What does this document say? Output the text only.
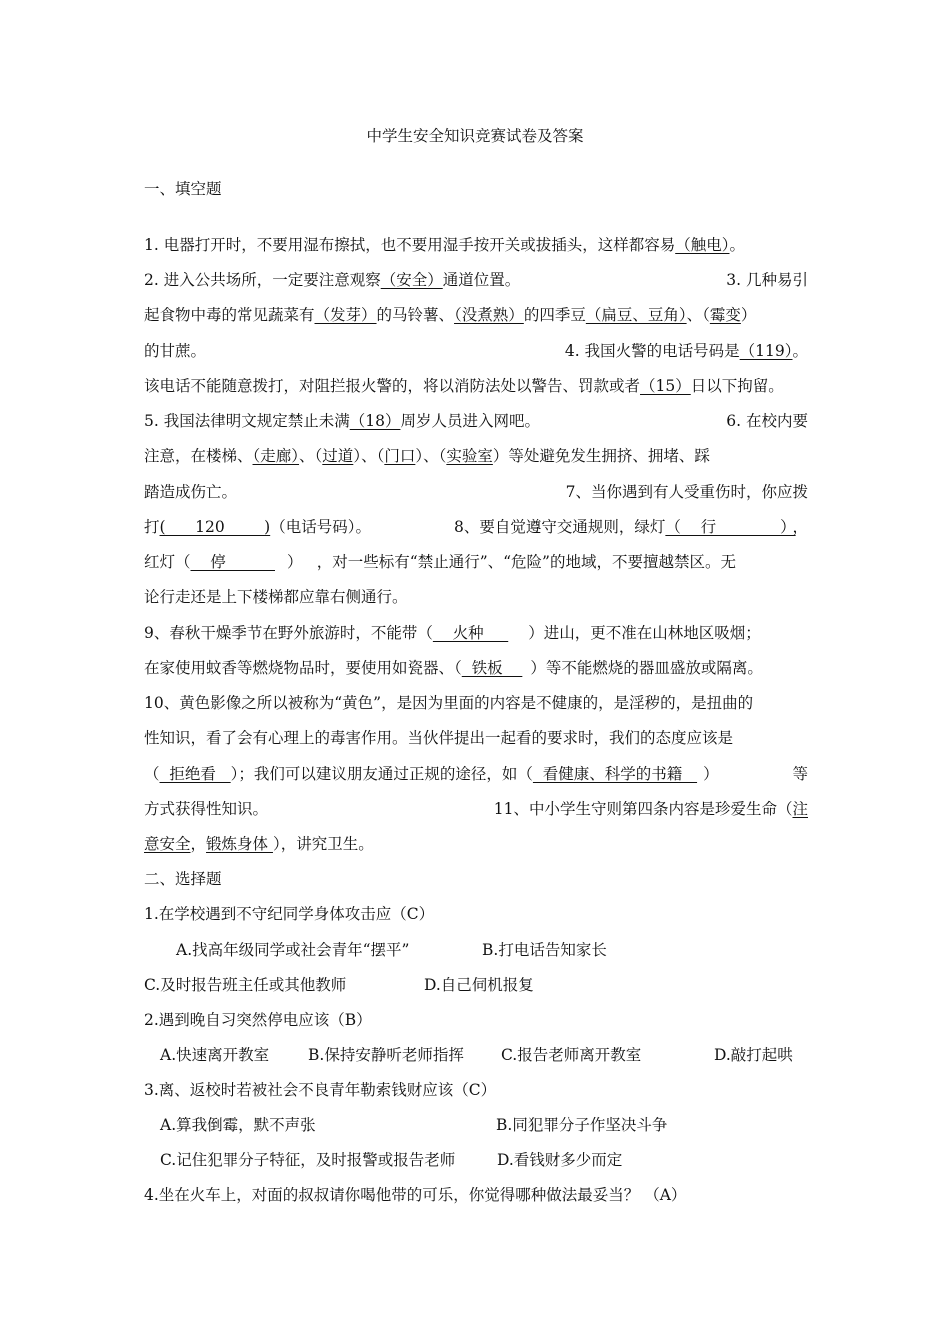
中学生安全知识竞赛试卷及答案
一、填空题
1. 电器打开时，不要用湿布擦拭，也不要用湿手按开关或拔插头，这样都容易（触电）。
2. 进入公共场所，一定要注意观察（安全）通道位置。	3. 几种易引
起食物中毒的常见蔬菜有（发芽）的马铃薯、（没煮熟）的四季豆（扁豆、豆角）、（霉变）
的甘蔗。	4. 我国火警的电话号码是（119）。
该电话不能随意拨打，对阻拦报火警的，将以消防法处以警告、罚款或者（15）日以下拘留。
5. 我国法律明文规定禁止未满（18）周岁人员进入网吧。	6. 在校内要
注意，在楼梯、（走廊）、（过道）、（门口）、（实验室）等处避免发生拥挤、拥堵、踩
踏造成伤亡。	7、当你遇到有人受重伤时，你应拨
打(      120        )（电话号码）。	8、要自觉遵守交通规则，绿灯（    行             ）
，
红灯（    停          ） ，对一些标有“禁止通行”、“危险”的地域，不要擅越禁区。无
论行走还是上下楼梯都应靠右侧通行。
9、春秋干燥季节在野外旅游时，不能带（    火种     ）进山，更不准在山林地区吸烟；
在家使用蚊香等燃烧物品时，要使用如瓷器、（  铁板    ）等不能燃烧的器皿盛放或隔离。
10、黄色影像之所以被称为“黄色”，是因为里面的内容是不健康的，是淫秽的，是扭曲的
性知识，看了会有心理上的毒害作用。当伙伴提出一起看的要求时，我们的态度应该是
（  拒绝看   ）；我们可以建议朋友通过正规的途径，如（  看健康、科学的书籍   ）	等
方式获得性知识。	11、中小学生守则第四条内容是珍爱生命（注
意安全，锻炼身体 ），讲究卫生。
二、选择题
1.在学校遇到不守纪同学身体攻击应（C）
A.找高年级同学或社会青年“摆平”	B.打电话告知家长
C.及时报告班主任或其他教师	D.自己伺机报复
2.遇到晚自习突然停电应该（B）
A.快速离开教室	B.保持安静听老师指挥 C.报告老师离开教室	D.敲打起哄
3.离、返校时若被社会不良青年勒索钱财应该（C）
A.算我倒霉，默不声张	B.同犯罪分子作坚决斗争
C.记住犯罪分子特征，及时报警或报告老师	D.看钱财多少而定
4.坐在火车上，对面的叔叔请你喝他带的可乐，你觉得哪种做法最妥当？ （A）
